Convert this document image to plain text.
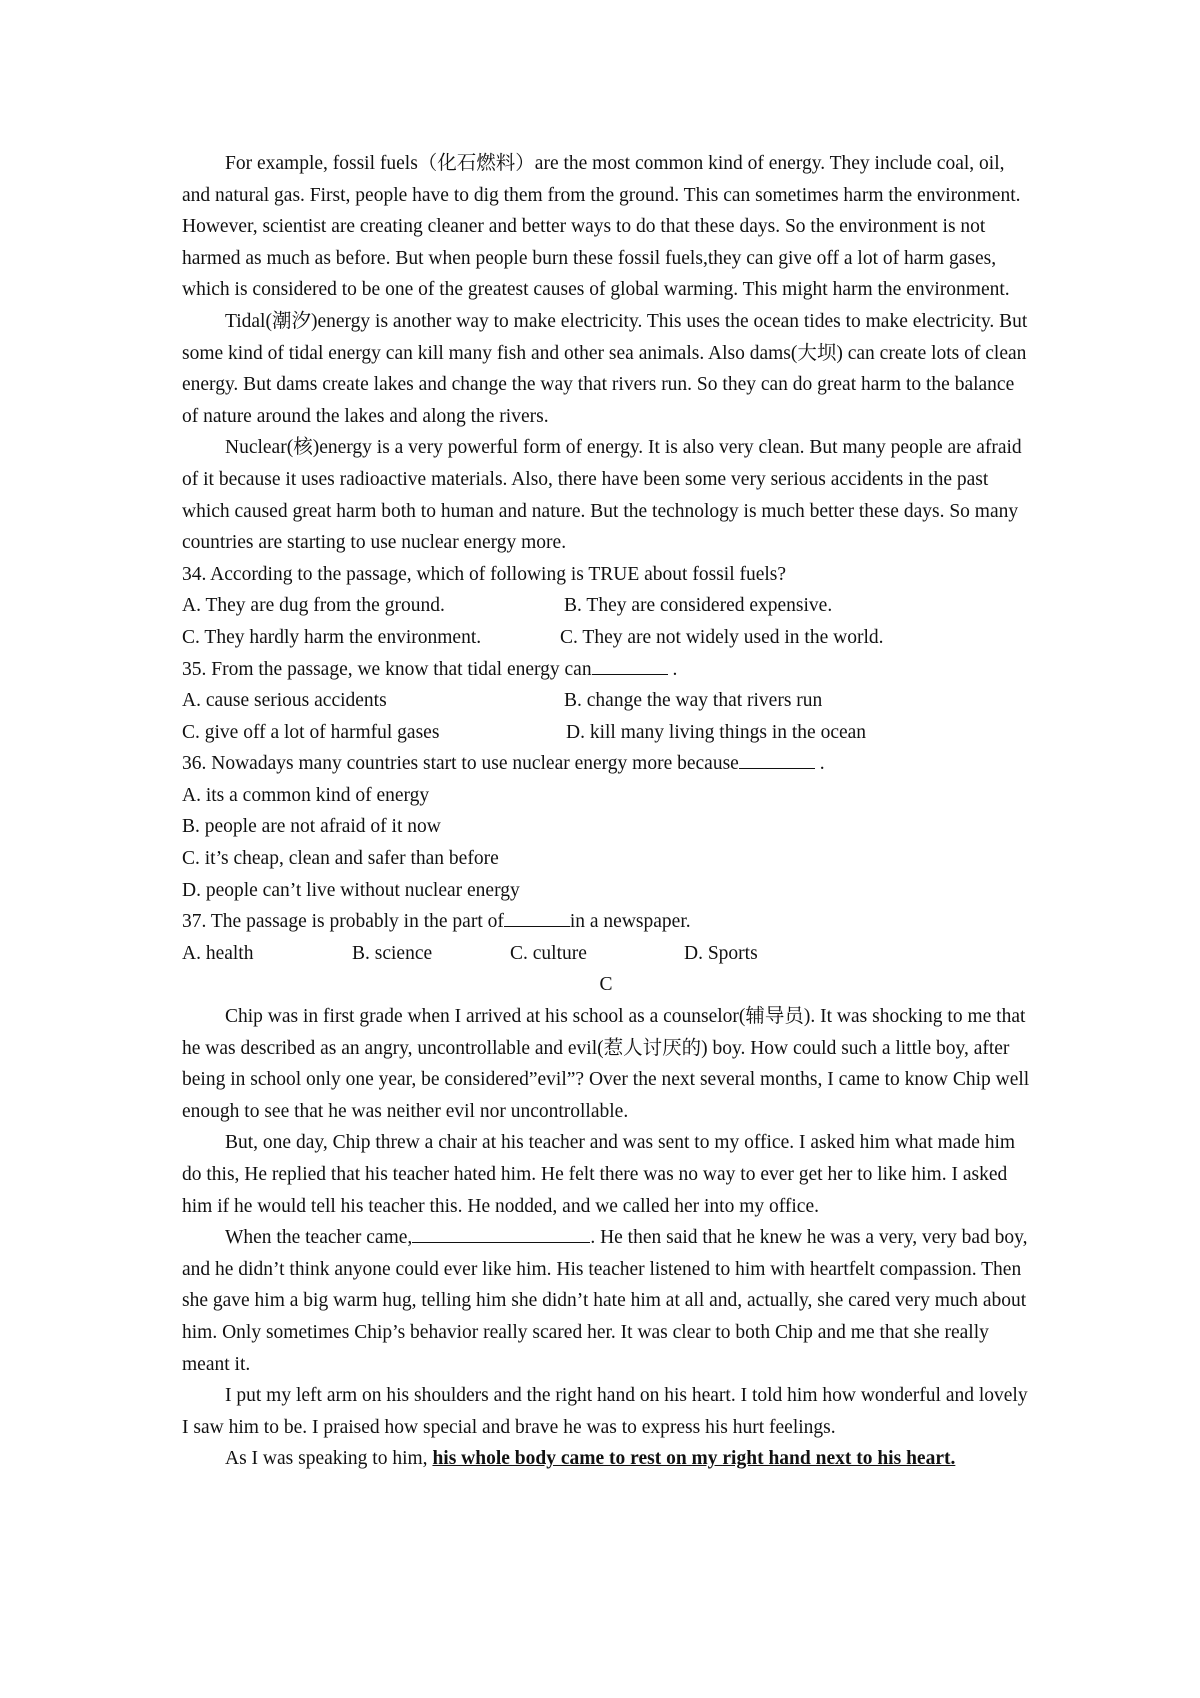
For example, fossil fuels（化石燃料）are the most common kind of energy. They include coal, oil, and natural gas. First, people have to dig them from the ground. This can sometimes harm the environment. However, scientist are creating cleaner and better ways to do that these days. So the environment is not harmed as much as before. But when people burn these fossil fuels,they can give off a lot of harm gases, which is considered to be one of the greatest causes of global warming. This might harm the environment.

Tidal(潮汐)energy is another way to make electricity. This uses the ocean tides to make electricity. But some kind of tidal energy can kill many fish and other sea animals. Also dams(大坝) can create lots of clean energy. But dams create lakes and change the way that rivers run. So they can do great harm to the balance of nature around the lakes and along the rivers.

Nuclear(核)energy is a very powerful form of energy. It is also very clean. But many people are afraid of it because it uses radioactive materials. Also, there have been some very serious accidents in the past which caused great harm both to human and nature. But the technology is much better these days. So many countries are starting to use nuclear energy more.

34. According to the passage, which of following is TRUE about fossil fuels?

A. They are dug from the ground.	B. They are considered expensive.
C. They hardly harm the environment.	C. They are not widely used in the world.

35. From the passage, we know that tidal energy can	.

A. cause serious accidents	B. change the way that rivers run
C. give off a lot of harmful gases	D. kill many living things in the ocean

36. Nowadays many countries start to use nuclear energy more because	.

A. its a common kind of energy

B. people are not afraid of it now

C. it’s cheap, clean and safer than before

D. people can’t live without nuclear energy

37. The passage is probably in the part of	in a newspaper.

A. health	B. science	C. culture	D. Sports

C

Chip was in first grade when I arrived at his school as a counselor(辅导员). It was shocking to me that he was described as an angry, uncontrollable and evil(惹人讨厌的) boy. How could such a little boy, after being in school only one year, be considered”evil”? Over the next several months, I came to know Chip well enough to see that he was neither evil nor uncontrollable.

But, one day, Chip threw a chair at his teacher and was sent to my office. I asked him what made him do this, He replied that his teacher hated him. He felt there was no way to ever get her to like him. I asked him if he would tell his teacher this. He nodded, and we called her into my office.

When the teacher came,	. He then said that he knew he was a very, very bad boy, and he didn’t think anyone could ever like him. His teacher listened to him with heartfelt compassion. Then she gave him a big warm hug, telling him she didn’t hate him at all and, actually, she cared very much about him. Only sometimes Chip’s behavior really scared her. It was clear to both Chip and me that she really meant it.

I put my left arm on his shoulders and the right hand on his heart. I told him how wonderful and lovely I saw him to be. I praised how special and brave he was to express his hurt feelings.

As I was speaking to him, his whole body came to rest on my right hand next to his heart.
